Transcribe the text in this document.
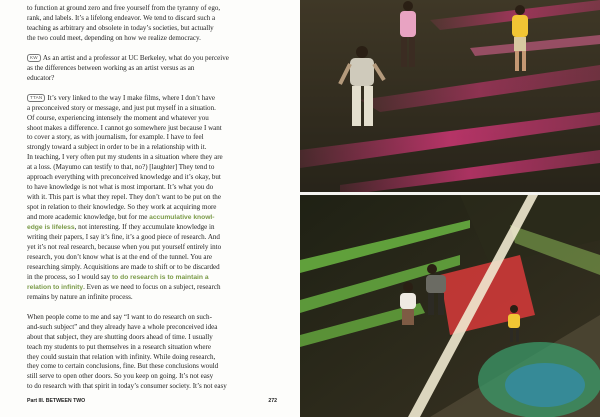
to function at ground zero and free yourself from the tyranny of ego,
rank, and labels. It’s a lifelong endeavor. We tend to discard such a
teaching as arbitrary and obsolete in today’s societies, but actually
the two could meet, depending on how we realize democracy.

KW As an artist and a professor at UC Berkeley, what do you perceive
as the differences between working as an artist versus as an
educator?

TTAN It’s very linked to the way I make films, where I don’t have
a preconceived story or message, and just put myself in a situation.
Of course, experiencing intensely the moment and whatever you
shoot makes a difference. I cannot go somewhere just because I want
to cover a story, as with journalism, for example. I have to feel
strongly toward a subject in order to be in a relationship with it.
In teaching, I very often put my students in a situation where they are
at a loss. (Mayumo can testify to that, no?) [laughter] They tend to
approach everything with preconceived knowledge and it’s okay, but
to have knowledge is not what is most important. It’s what you do
with it. This part is what they repel. They don’t want to be put on the
spot in relation to their knowledge. So they work at acquiring more
and more academic knowledge, but for me accumulative knowl-
edge is lifeless, not interesting. If they accumulate knowledge in
writing their papers, I say it’s fine, it’s a good piece of research. And
yet it’s not real research, because when you put yourself entirely into
research, you don’t know what is at the end of the tunnel. You are
researching simply. Acquisitions are made to shift or to be discarded
in the process, so I would say to do research is to maintain a
relation to infinity. Even as we need to focus on a subject, research
remains by nature an infinite process.

When people come to me and say “I want to do research on such-
and-such subject” and they already have a whole preconceived idea
about that subject, they are shutting doors ahead of time. I usually
teach my students to put themselves in a research situation where
they could sustain that relation with infinity. While doing research,
they come to certain conclusions, fine. But these conclusions would
still serve to open other doors. So you keep on going. It’s not easy
to do research with that spirit in today’s consumer society. It’s not easy

Part III. BETWEEN TWO	272
